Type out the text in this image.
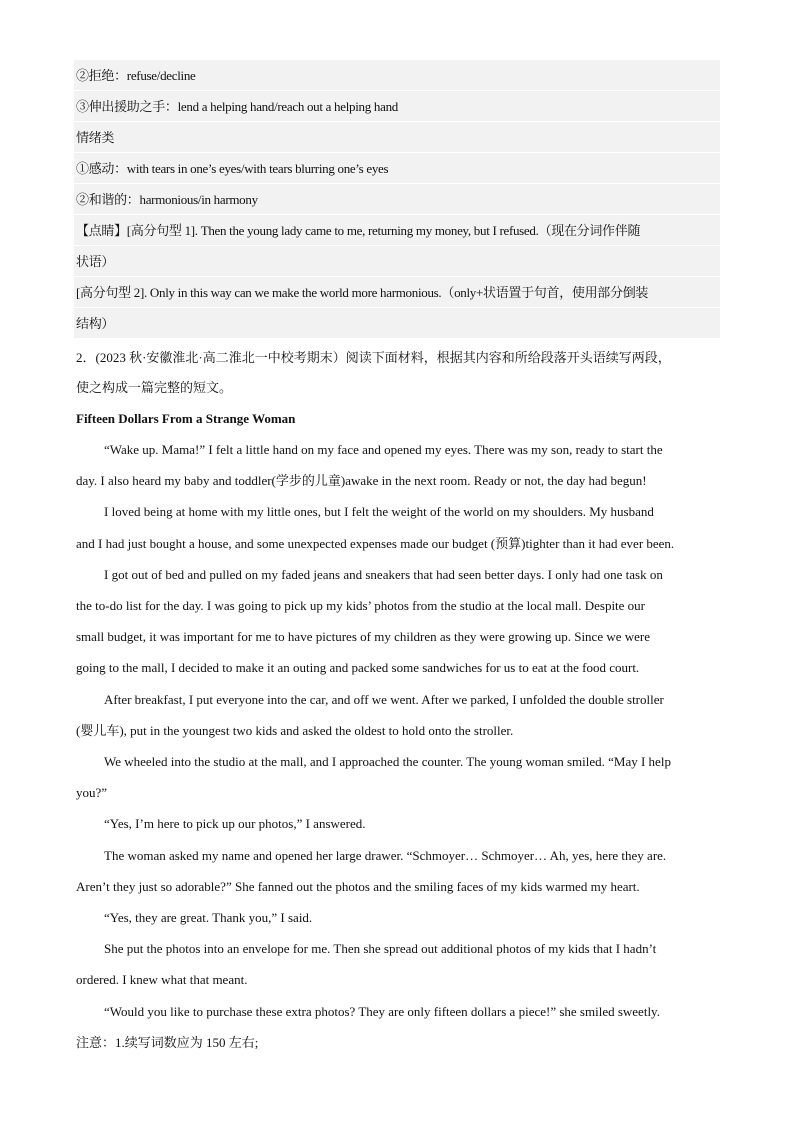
②拒绝：refuse/decline
③伸出援助之手：lend a helping hand/reach out a helping hand
情绪类
①感动：with tears in one’s eyes/with tears blurring one’s eyes
②和谐的：harmonious/in harmony
【点睛】[高分句型 1]. Then the young lady came to me, returning my money, but I refused.（现在分词作伴随
状语）
[高分句型 2]. Only in this way can we make the world more harmonious.（only+状语置于句首，使用部分倒装
结构）
2．(2023 秋·安徽淮北·高二淮北一中校考期末）阅读下面材料，根据其内容和所给段落开头语续写两段，
使之构成一篇完整的短文。
Fifteen Dollars From a Strange Woman
“Wake up. Mama!” I felt a little hand on my face and opened my eyes. There was my son, ready to start the
day. I also heard my baby and toddler(学步的儿童)awake in the next room. Ready or not, the day had begun!
I loved being at home with my little ones, but I felt the weight of the world on my shoulders. My husband
and I had just bought a house, and some unexpected expenses made our budget (预算)tighter than it had ever been.
I got out of bed and pulled on my faded jeans and sneakers that had seen better days. I only had one task on
the to-do list for the day. I was going to pick up my kids’ photos from the studio at the local mall. Despite our
small budget, it was important for me to have pictures of my children as they were growing up. Since we were
going to the mall, I decided to make it an outing and packed some sandwiches for us to eat at the food court.
After breakfast, I put everyone into the car, and off we went. After we parked, I unfolded the double stroller
(婴儿车), put in the youngest two kids and asked the oldest to hold onto the stroller.
We wheeled into the studio at the mall, and I approached the counter. The young woman smiled. “May I help
you?”
“Yes, I’m here to pick up our photos,” I answered.
The woman asked my name and opened her large drawer. “Schmoyer… Schmoyer… Ah, yes, here they are.
Aren’t they just so adorable?” She fanned out the photos and the smiling faces of my kids warmed my heart.
“Yes, they are great. Thank you,” I said.
She put the photos into an envelope for me. Then she spread out additional photos of my kids that I hadn’t
ordered. I knew what that meant.
“Would you like to purchase these extra photos? They are only fifteen dollars a piece!” she smiled sweetly.
注意：1.续写词数应为 150 左右;
